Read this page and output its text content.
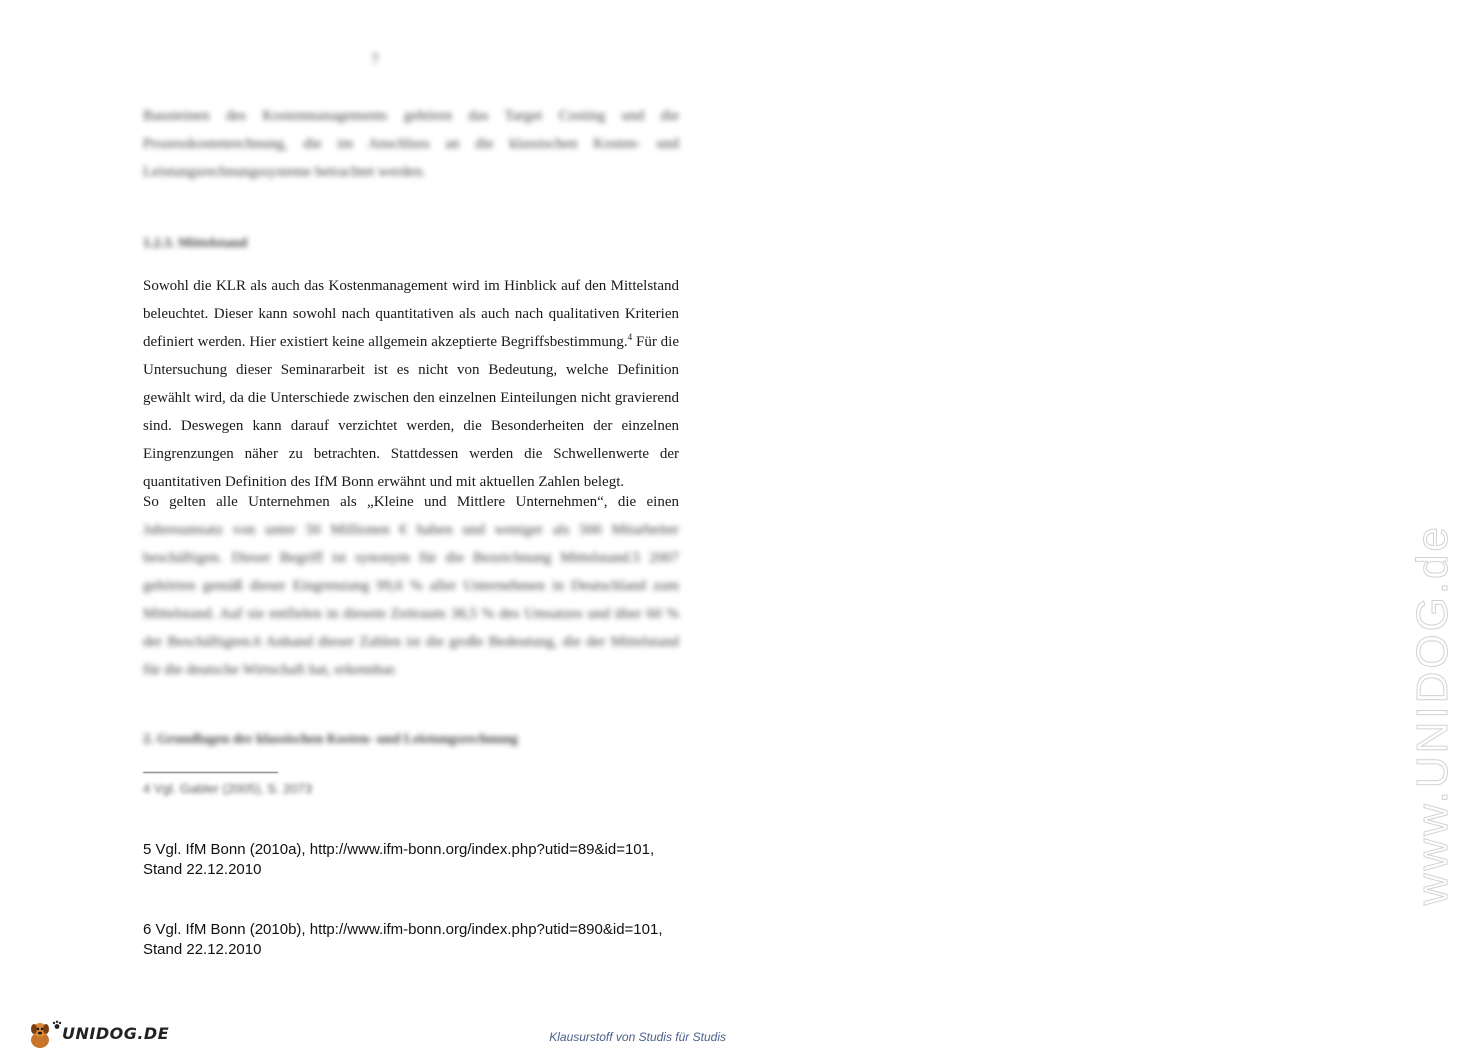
7
Bausteinen des Kostenmanagements gehören das Target Costing und die Prozesskostenrechnung, die im Anschluss an die klassischen Kosten- und Leistungsrechnungssysteme betrachtet werden.
1.2.3. Mittelstand
Sowohl die KLR als auch das Kostenmanagement wird im Hinblick auf den Mittelstand beleuchtet. Dieser kann sowohl nach quantitativen als auch nach qualitativen Kriterien definiert werden. Hier existiert keine allgemein akzeptierte Begriffsbestimmung.$^4$ Für die Untersuchung dieser Seminararbeit ist es nicht von Bedeutung, welche Definition gewählt wird, da die Unterschiede zwischen den einzelnen Einteilungen nicht gravierend sind. Deswegen kann darauf verzichtet werden, die Besonderheiten der einzelnen Eingrenzungen näher zu betrachten. Stattdessen werden die Schwellenwerte der quantitativen Definition des IfM Bonn erwähnt und mit aktuellen Zahlen belegt.
So gelten alle Unternehmen als „Kleine und Mittlere Unternehmen“, die einen Jahresumsatz von unter 50 Millionen € haben und weniger als 500 Mitarbeiter beschäftigen. Dieser Begriff ist synonym für die Bezeichnung Mittelstand.5 2007 gehörten gemäß dieser Eingrenzung 99,6 % aller Unternehmen in Deutschland zum Mittelstand. Auf sie entfielen in diesem Zeitraum 38,5 % des Umsatzes und über 60 % der Beschäftigten.6 Anhand dieser Zahlen ist die große Bedeutung, die der Mittelstand für die deutsche Wirtschaft hat, erkennbar.
2. Grundlagen der klassischen Kosten- und Leistungsrechnung
4 Vgl. Gabler (2005), S. 2073
5 Vgl. IfM Bonn (2010a), http://www.ifm-bonn.org/index.php?utid=89&id=101,
Stand 22.12.2010
6 Vgl. IfM Bonn (2010b), http://www.ifm-bonn.org/index.php?utid=890&id=101,
Stand 22.12.2010
www.UNIDOG.de
UNIDOG.DE	Klausurstoff von Studis für Studis
